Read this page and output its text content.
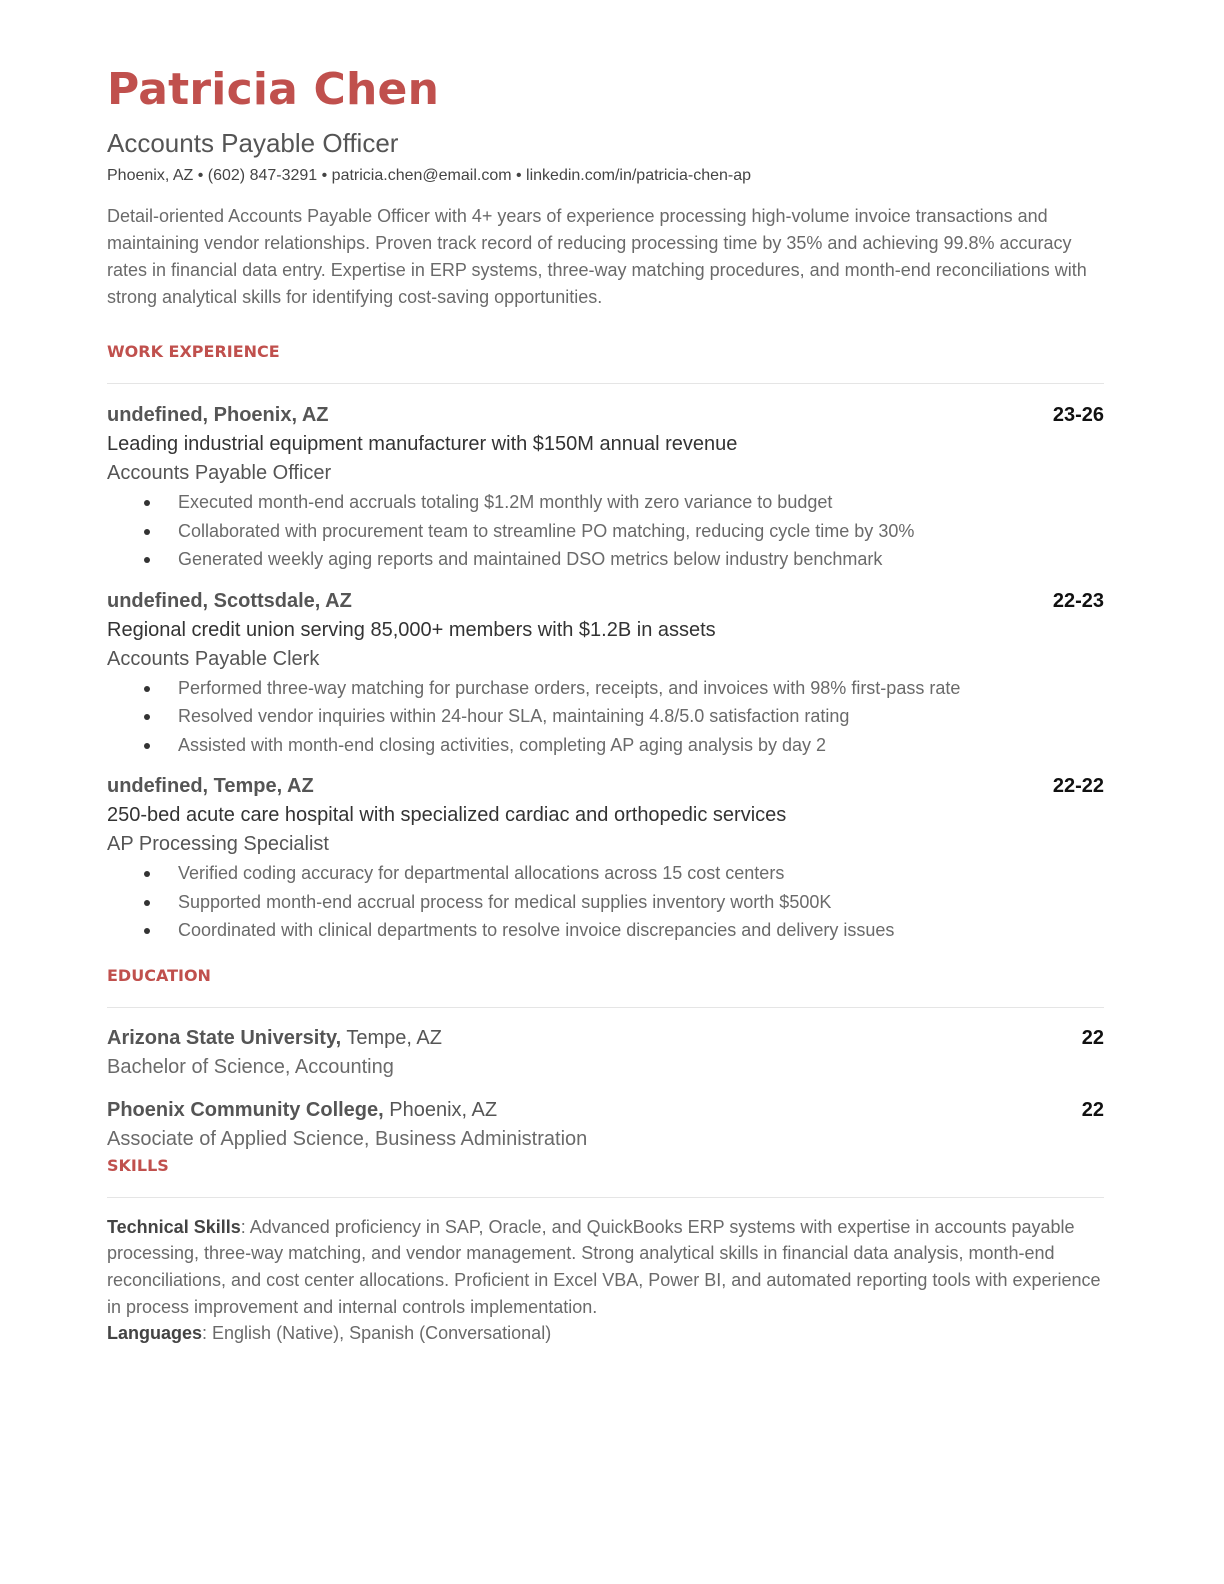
Patricia Chen
Accounts Payable Officer
Phoenix, AZ • (602) 847-3291 • patricia.chen@email.com • linkedin.com/in/patricia-chen-ap
Detail-oriented Accounts Payable Officer with 4+ years of experience processing high-volume invoice transactions and maintaining vendor relationships. Proven track record of reducing processing time by 35% and achieving 99.8% accuracy rates in financial data entry. Expertise in ERP systems, three-way matching procedures, and month-end reconciliations with strong analytical skills for identifying cost-saving opportunities.
WORK EXPERIENCE
undefined, Phoenix, AZ	23-26
Leading industrial equipment manufacturer with $150M annual revenue
Accounts Payable Officer
Executed month-end accruals totaling $1.2M monthly with zero variance to budget
Collaborated with procurement team to streamline PO matching, reducing cycle time by 30%
Generated weekly aging reports and maintained DSO metrics below industry benchmark
undefined, Scottsdale, AZ	22-23
Regional credit union serving 85,000+ members with $1.2B in assets
Accounts Payable Clerk
Performed three-way matching for purchase orders, receipts, and invoices with 98% first-pass rate
Resolved vendor inquiries within 24-hour SLA, maintaining 4.8/5.0 satisfaction rating
Assisted with month-end closing activities, completing AP aging analysis by day 2
undefined, Tempe, AZ	22-22
250-bed acute care hospital with specialized cardiac and orthopedic services
AP Processing Specialist
Verified coding accuracy for departmental allocations across 15 cost centers
Supported month-end accrual process for medical supplies inventory worth $500K
Coordinated with clinical departments to resolve invoice discrepancies and delivery issues
EDUCATION
Arizona State University, Tempe, AZ	22
Bachelor of Science, Accounting
Phoenix Community College, Phoenix, AZ	22
Associate of Applied Science, Business Administration
SKILLS
Technical Skills: Advanced proficiency in SAP, Oracle, and QuickBooks ERP systems with expertise in accounts payable processing, three-way matching, and vendor management. Strong analytical skills in financial data analysis, month-end reconciliations, and cost center allocations. Proficient in Excel VBA, Power BI, and automated reporting tools with experience in process improvement and internal controls implementation.
Languages: English (Native), Spanish (Conversational)
